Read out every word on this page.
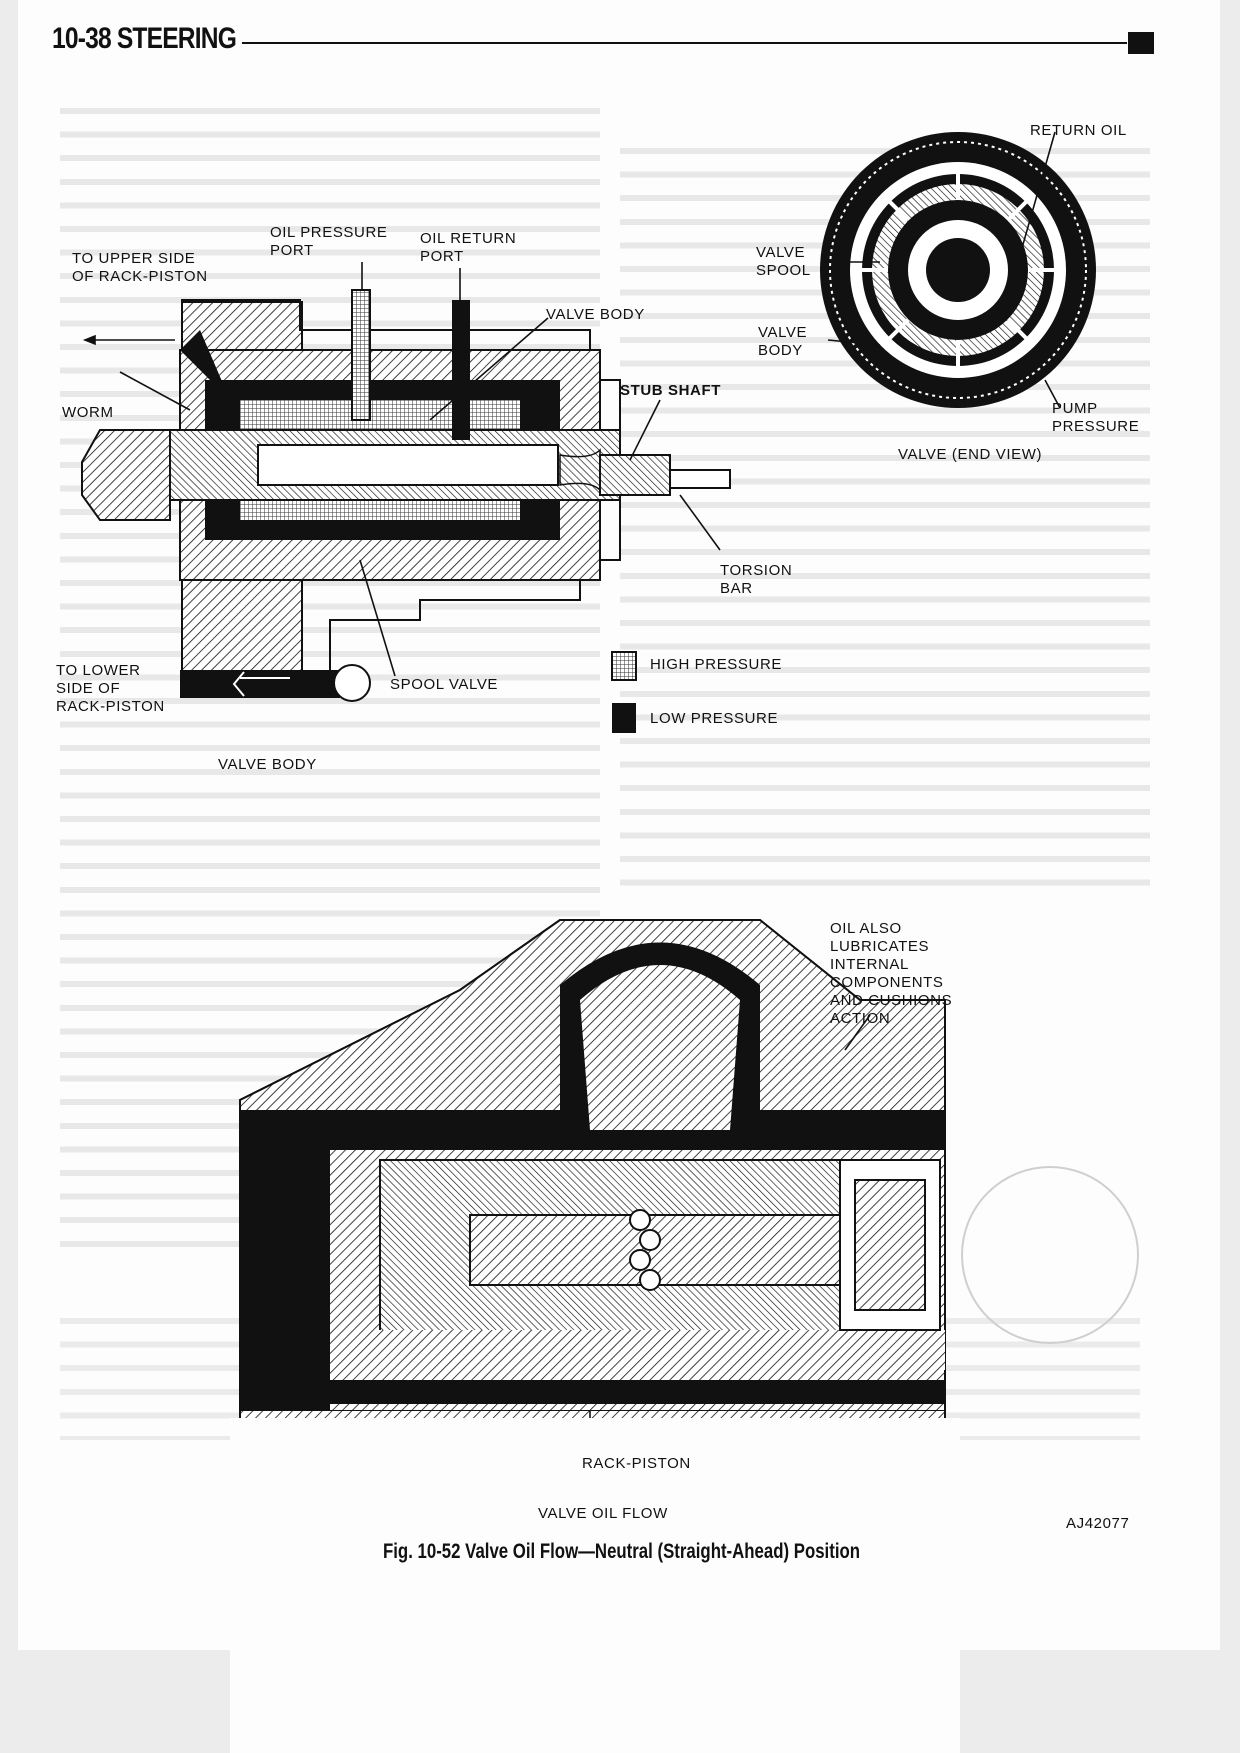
10-38 STEERING
TO UPPER SIDE
OF RACK-PISTON
OIL PRESSURE
PORT
OIL RETURN
PORT
VALVE BODY
WORM
STUB SHAFT
TORSION
BAR
TO LOWER
SIDE OF
RACK-PISTON
SPOOL VALVE
VALVE BODY
RETURN OIL
VALVE
SPOOL
VALVE
BODY
PUMP
PRESSURE
VALVE (END VIEW)
HIGH PRESSURE
LOW PRESSURE
OIL ALSO
LUBRICATES
INTERNAL
COMPONENTS
AND CUSHIONS
ACTION
RACK-PISTON
VALVE OIL FLOW
AJ42077
Fig. 10-52 Valve Oil Flow—Neutral (Straight-Ahead) Position
